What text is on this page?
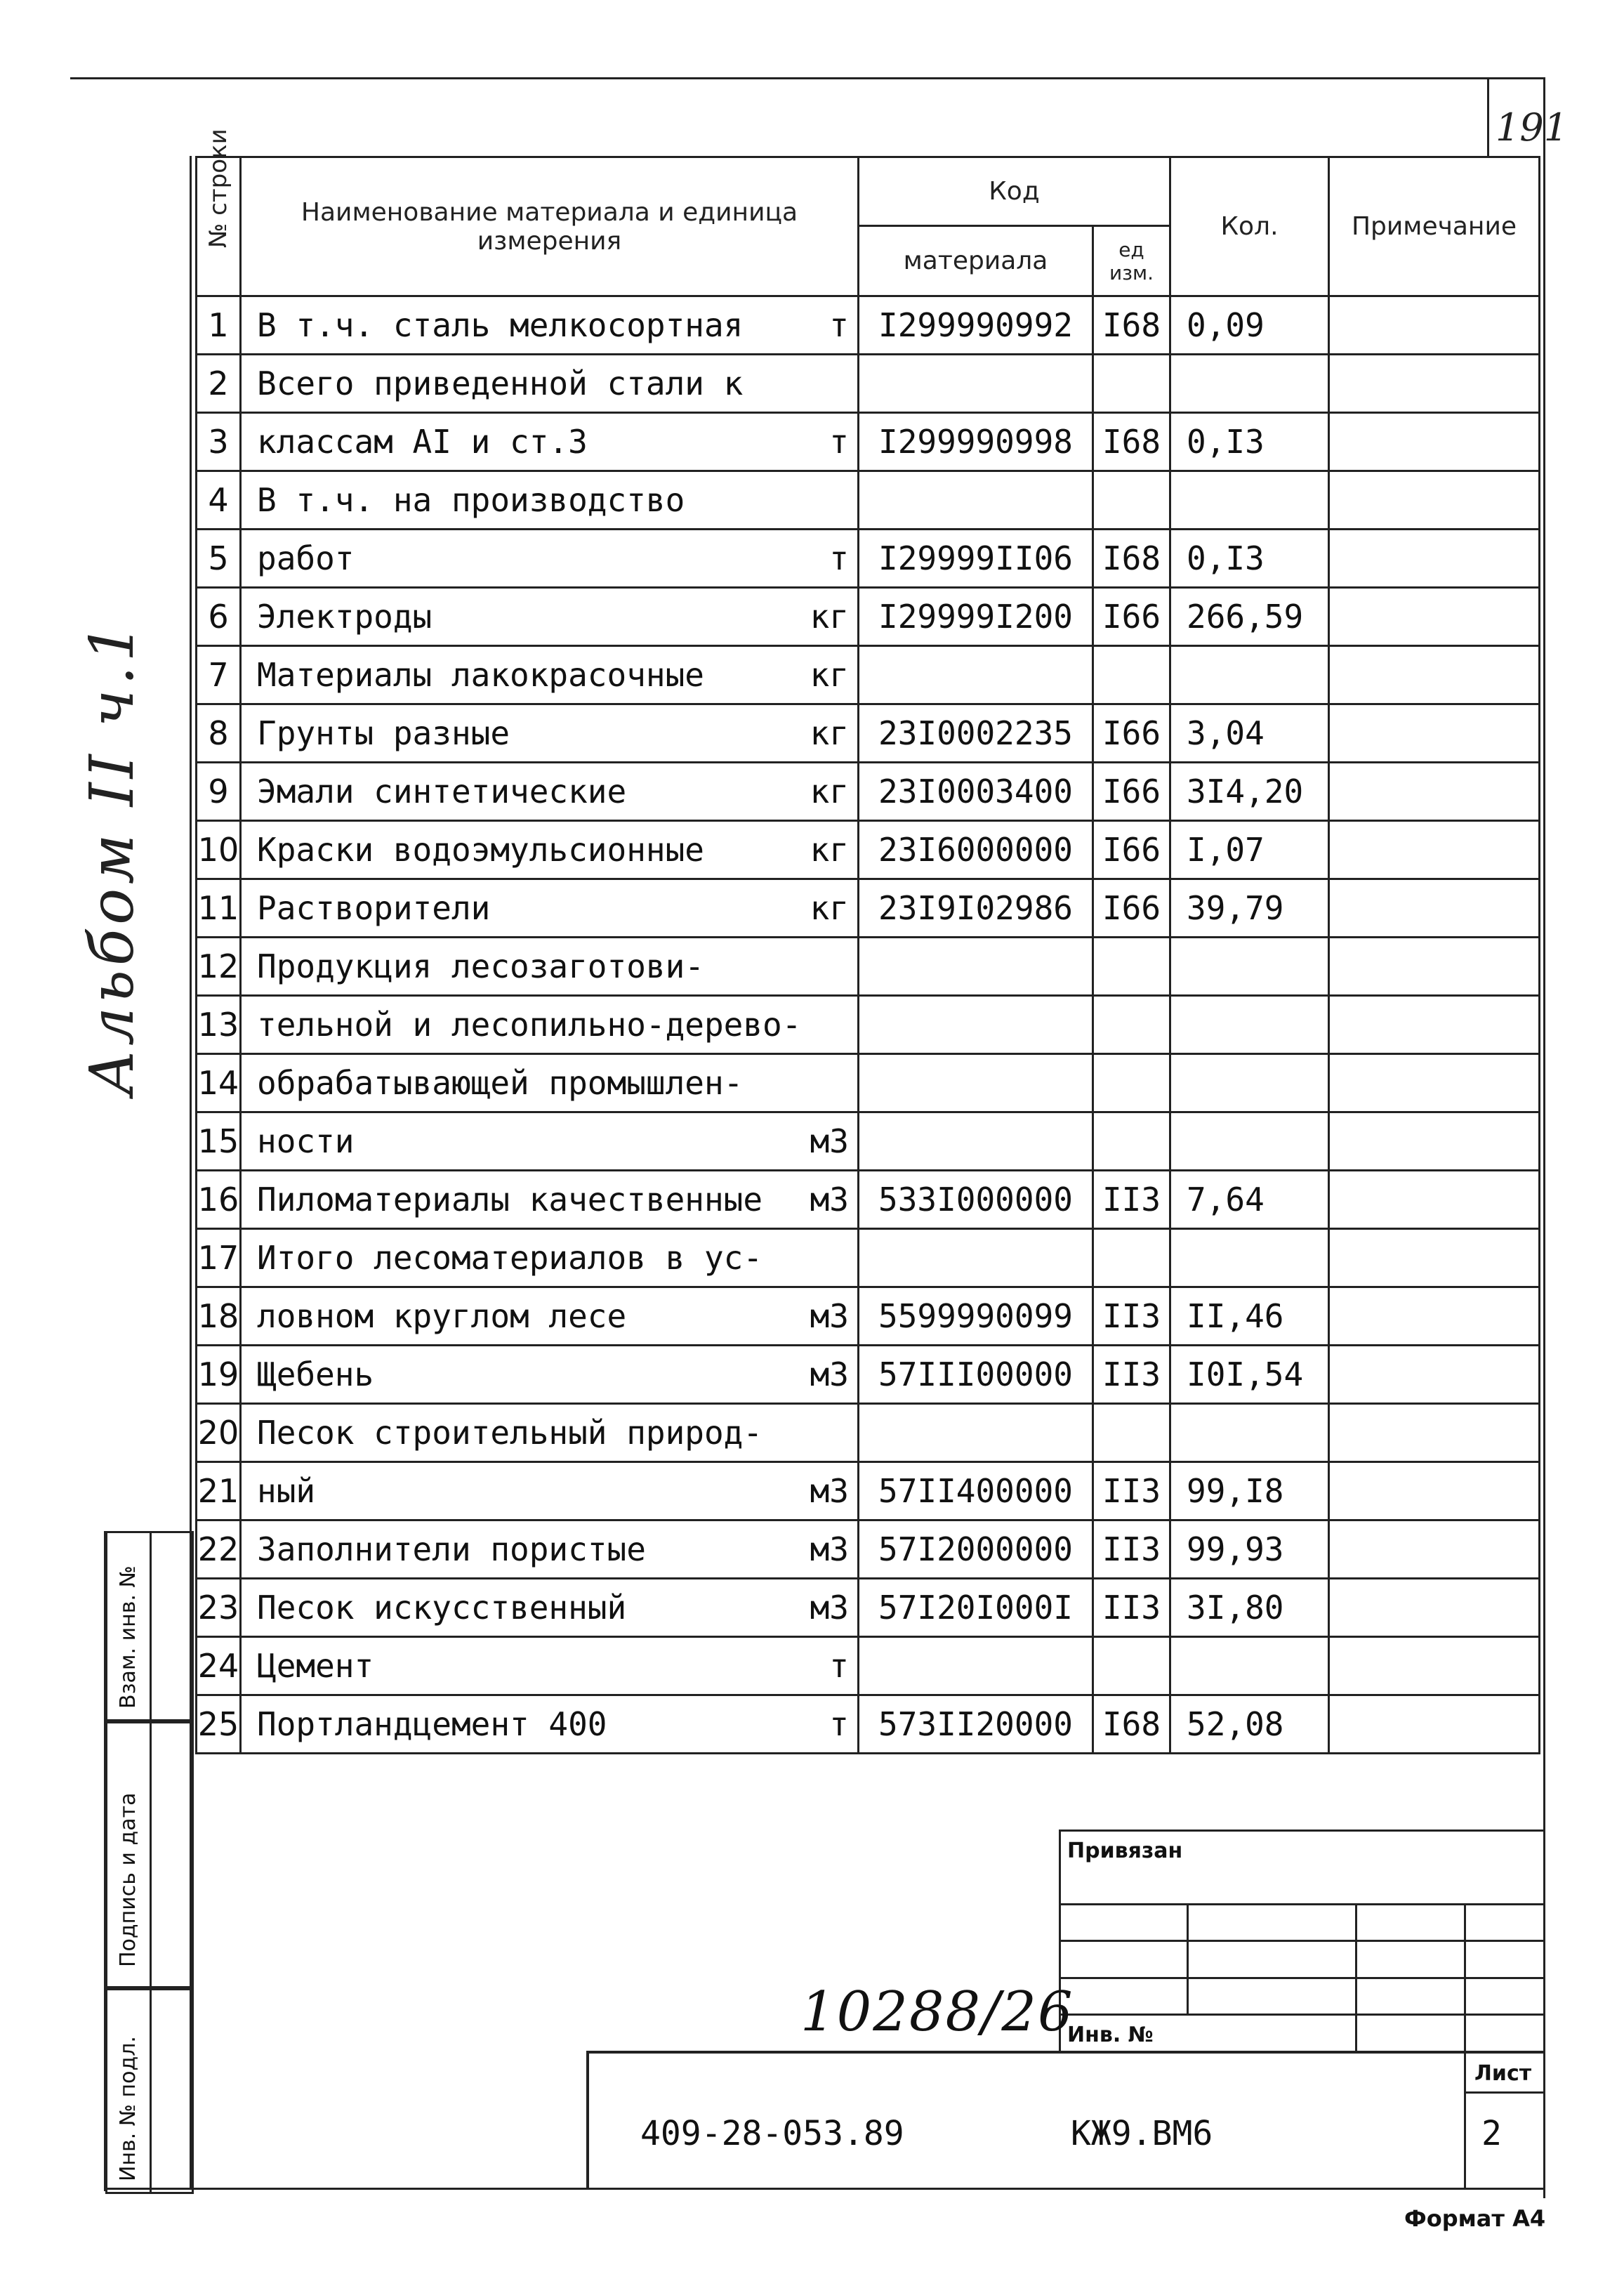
191
Альбом II ч.1
№ строки	Наименование материала и единица измерения	Код		Кол.	Примечание
		материала	ед изм.		
1	В т.ч. сталь мелкосортная т	I299990992	I68	0,09	
2	Всего приведенной стали к

3	классам АI и ст.3 т	I299990998	I68	0,I3	
4	В т.ч. на производство

5	работ т	I29999II06	I68	0,I3	
6	Электроды кг	I29999I200	I66	266,59	
7	Материалы лакокрасочные кг				

8	Грунты разные кг	23I0002235	I66	3,04	
9	Эмали синтетические кг	23I0003400	I66	3I4,20	
10	Краски водоэмульсионные кг	23I6000000	I66	I,07	
11	Растворители кг	23I9I02986	I66	39,79	
12	Продукция лесозаготови-

13	тельной и лесопильно-дерево-

14	обрабатывающей промышлен-

15	ности м3				

16	Пиломатериалы качественные м3	533I000000	II3	7,64	
17	Итого лесоматериалов в ус-

18	ловном круглом лесе м3	5599990099	II3	II,46	
19	Щебень м3	57III00000	II3	I0I,54	
20	Песок строительный природ-

21	ный м3	57II400000	II3	99,I8	
22	Заполнители пористые м3	57I2000000	II3	99,93	
23	Песок искусственный м3	57I20I000I	II3	3I,80	
24	Цемент т				

25	Портландцемент 400 т	573II20000	I68	52,08	
Взам. инв. №
Подпись и дата
Инв. № подл.
Привязан
Инв. №
Лист
2
409-28-053.89	КЖ9.ВМ6
10288/26
Формат А4
